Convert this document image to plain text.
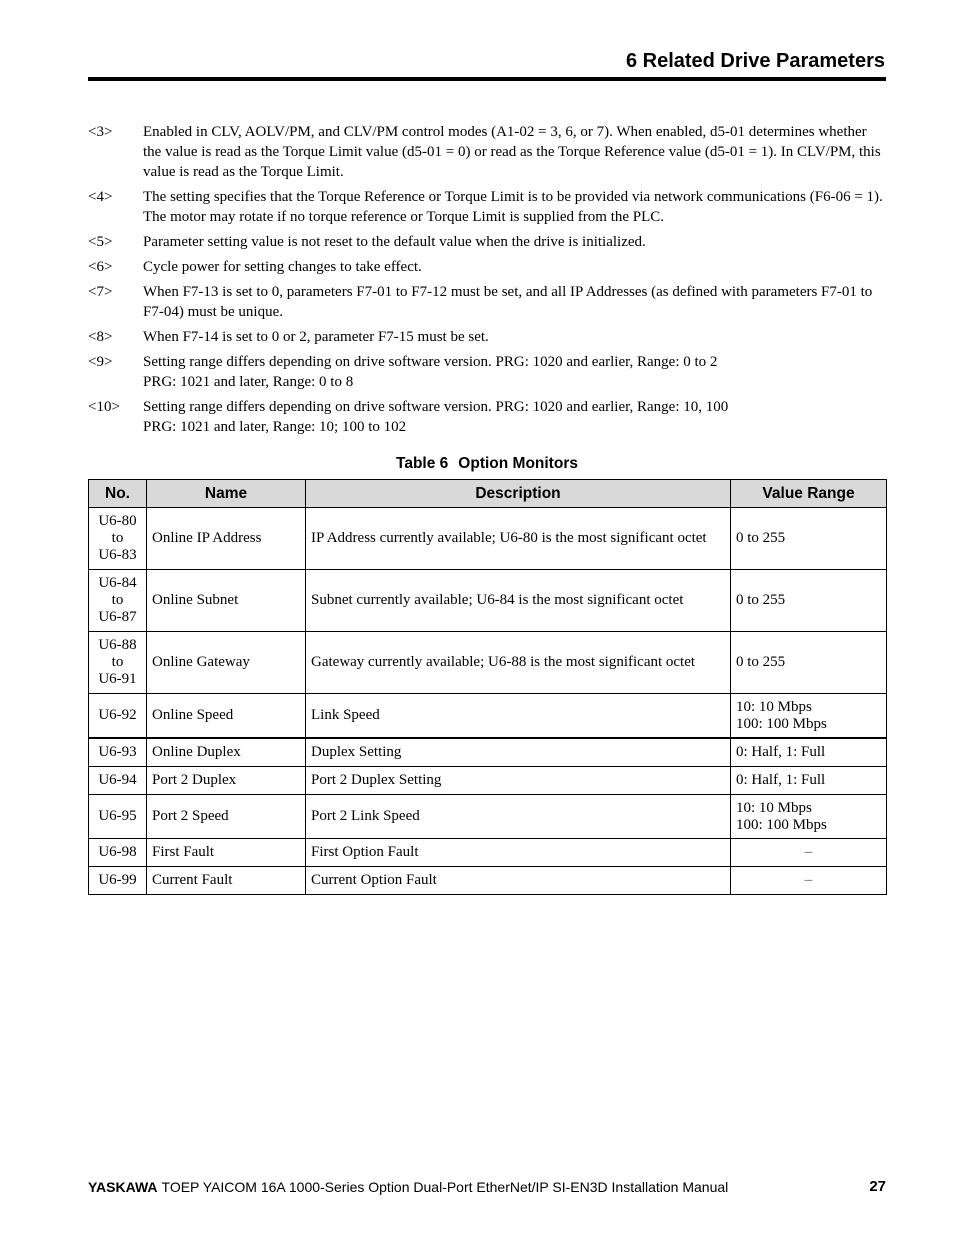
6 Related Drive Parameters
<3>	Enabled in CLV, AOLV/PM, and CLV/PM control modes (A1-02 = 3, 6, or 7). When enabled, d5-01 determines whether the value is read as the Torque Limit value (d5-01 = 0) or read as the Torque Reference value (d5-01 = 1). In CLV/PM, this value is read as the Torque Limit.
<4>	The setting specifies that the Torque Reference or Torque Limit is to be provided via network communications (F6-06 = 1). The motor may rotate if no torque reference or Torque Limit is supplied from the PLC.
<5>	Parameter setting value is not reset to the default value when the drive is initialized.
<6>	Cycle power for setting changes to take effect.
<7>	When F7-13 is set to 0, parameters F7-01 to F7-12 must be set, and all IP Addresses (as defined with parameters F7-01 to F7-04) must be unique.
<8>	When F7-14 is set to 0 or 2, parameter F7-15 must be set.
<9>	Setting range differs depending on drive software version. PRG: 1020 and earlier, Range: 0 to 2
PRG: 1021 and later, Range: 0 to 8
<10>	Setting range differs depending on drive software version. PRG: 1020 and earlier, Range: 10, 100
PRG: 1021 and later, Range: 10; 100 to 102
Table 6 Option Monitors
No.	Name	Description	Value Range

U6-80
to
U6-83	Online IP Address	IP Address currently available; U6-80 is the most significant octet	0 to 255

U6-84
to
U6-87	Online Subnet	Subnet currently available; U6-84 is the most significant octet	0 to 255

U6-88
to
U6-91	Online Gateway	Gateway currently available; U6-88 is the most significant octet	0 to 255

U6-92	Online Speed	Link Speed	10: 10 Mbps
100: 100 Mbps

U6-93	Online Duplex	Duplex Setting	0: Half, 1: Full

U6-94	Port 2 Duplex	Port 2 Duplex Setting	0: Half, 1: Full

U6-95	Port 2 Speed	Port 2 Link Speed	10: 10 Mbps
100: 100 Mbps

U6-98	First Fault	First Option Fault	–

U6-99	Current Fault	Current Option Fault	–
YASKAWA TOEP YAICOM 16A 1000-Series Option Dual-Port EtherNet/IP SI-EN3D Installation Manual	27
